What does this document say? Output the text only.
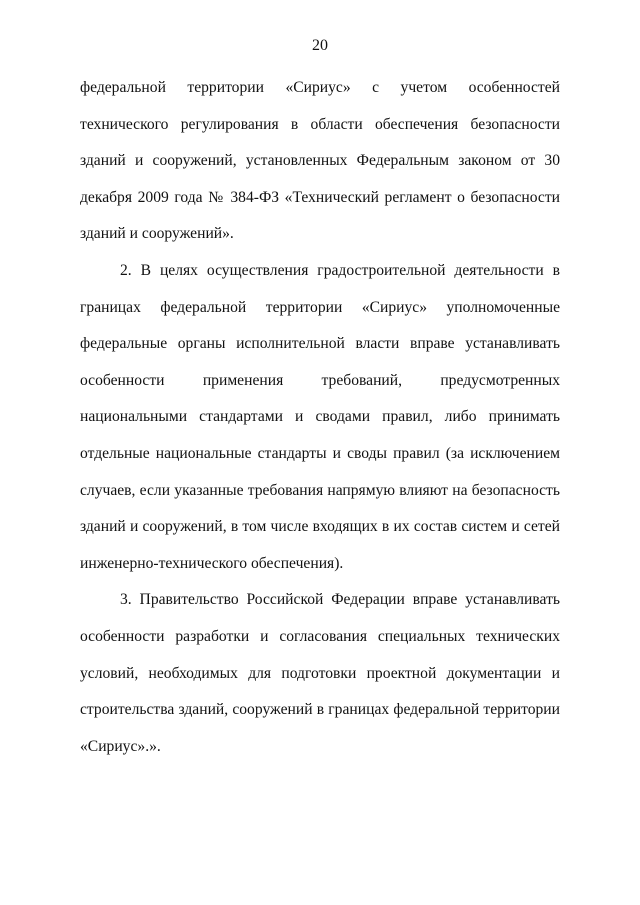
20

федеральной территории «Сириус» с учетом особенностей технического регулирования в области обеспечения безопасности зданий и сооружений, установленных Федеральным законом от 30 декабря 2009 года № 384-ФЗ «Технический регламент о безопасности зданий и сооружений».

2. В целях осуществления градостроительной деятельности в границах федеральной территории «Сириус» уполномоченные федеральные органы исполнительной власти вправе устанавливать особенности применения требований, предусмотренных национальными стандартами и сводами правил, либо принимать отдельные национальные стандарты и своды правил (за исключением случаев, если указанные требования напрямую влияют на безопасность зданий и сооружений, в том числе входящих в их состав систем и сетей инженерно-технического обеспечения).

3. Правительство Российской Федерации вправе устанавливать особенности разработки и согласования специальных технических условий, необходимых для подготовки проектной документации и строительства зданий, сооружений в границах федеральной территории «Сириус».».
